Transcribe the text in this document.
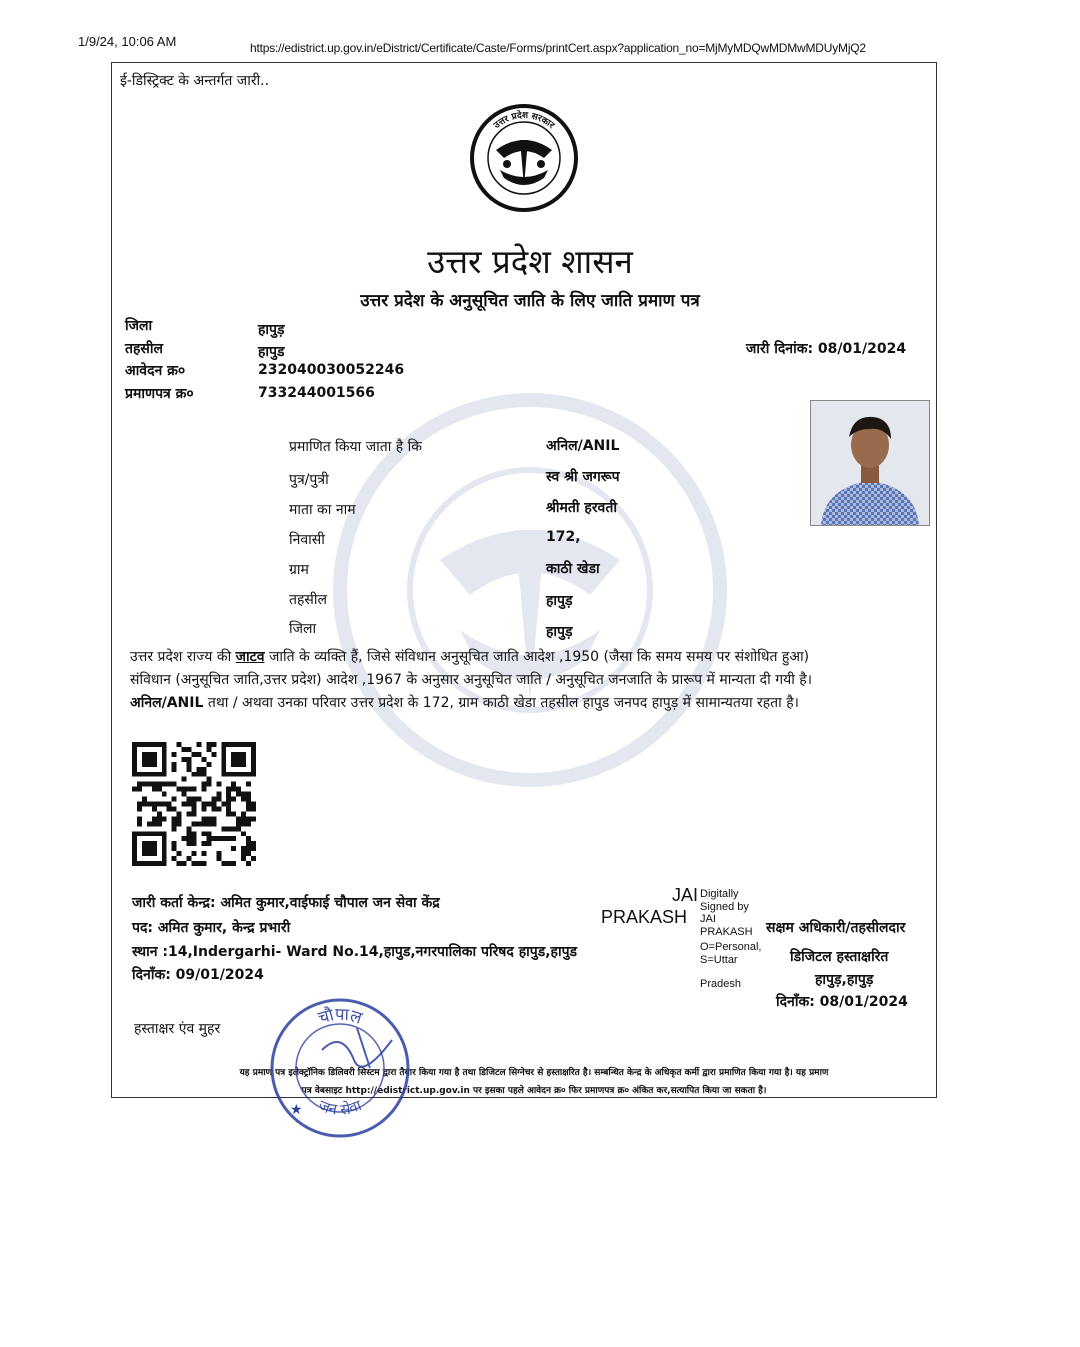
1/9/24, 10:06 AM	https://edistrict.up.gov.in/eDistrict/Certificate/Caste/Forms/printCert.aspx?application_no=MjMyMDQwMDMwMDUyMjQ2
ई-डिस्ट्रिक्ट के अन्तर्गत जारी..
उत्तर प्रदेश सरकार
उत्तर प्रदेश शासन
उत्तर प्रदेश के अनुसूचित जाति के लिए जाति प्रमाण पत्र
जिला	हापुड़
तहसील	हापुड
आवेदन क्र०	232040030052246
प्रमाणपत्र क्र०	733244001566
जारी दिनांक: 08/01/2024
प्रमाणित किया जाता है कि	अनिल/ANIL
पुत्र/पुत्री	स्व श्री जगरूप
माता का नाम	श्रीमती हरवती
निवासी	172,
ग्राम	काठी खेडा
तहसील	हापुड़
जिला	हापुड़
उत्तर प्रदेश राज्य की जाटव जाति के व्यक्ति हैं, जिसे संविधान अनुसूचित जाति आदेश ,1950 (जैसा कि समय समय पर संशोधित हुआ)
संविधान (अनुसूचित जाति,उत्तर प्रदेश) आदेश ,1967 के अनुसार अनुसूचित जाति / अनुसूचित जनजाति के प्रारूप में मान्यता दी गयी है।
अनिल/ANIL तथा / अथवा उनका परिवार उत्तर प्रदेश के 172, ग्राम काठी खेडा तहसील हापुड जनपद हापुड़ में सामान्यतया रहता है।
जारी कर्ता केन्द्र: अमित कुमार,वाईफाई चौपाल जन सेवा केंद्र
पद: अमित कुमार, केन्द्र प्रभारी
स्थान :14,Indergarhi- Ward No.14,हापुड,नगरपालिका परिषद हापुड,हापुड
दिनाँक: 09/01/2024
हस्ताक्षर एंव मुहर
JAI
PRAKASH
Digitally
Signed by
JAI
PRAKASH
O=Personal,
S=Uttar
Pradesh
सक्षम अधिकारी/तहसीलदार
डिजिटल हस्ताक्षरित
हापुड़,हापुड़
दिनाँक: 08/01/2024
यह प्रमाण पत्र इलेक्ट्रॉनिक डिलिवरी सिस्टम द्वारा तैयार किया गया है तथा डिजिटल सिग्नेचर से हस्ताक्षरित है। सम्बन्धित केन्द्र के अधिकृत कर्मी द्वारा प्रमाणित किया गया है। यह प्रमाण
पत्र वेबसाइट http://edistrict.up.gov.in पर इसका पहले आवेदन क्र० फिर प्रमाणपत्र क्र० अंकित कर,सत्यापित किया जा सकता है।
चौपाल
जन सेवा
★
